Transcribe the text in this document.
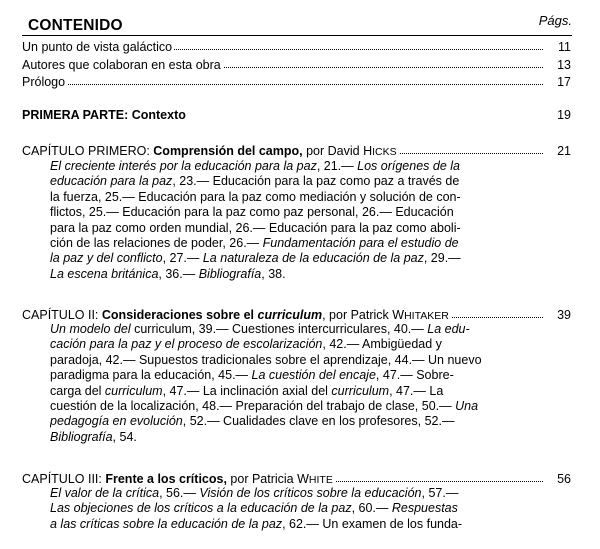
CONTENIDO	Págs.
Un punto de vista galáctico	11
Autores que colaboran en esta obra	13
Prólogo	17
PRIMERA PARTE: Contexto	19
CAPÍTULO PRIMERO: Comprensión del campo, por David HICKS	21

El creciente interés por la educación para la paz, 21.— Los orígenes de la

educación para la paz, 23.— Educación para la paz como paz a través de

la fuerza, 25.— Educación para la paz como mediación y solución de con-

flictos, 25.— Educación para la paz como paz personal, 26.— Educación

para la paz como orden mundial, 26.— Educación para la paz como aboli-

ción de las relaciones de poder, 26.— Fundamentación para el estudio de

la paz y del conflicto, 27.— La naturaleza de la educación de la paz, 29.—

La escena británica, 36.— Bibliografía, 38.

CAPÍTULO II: Consideraciones sobre el curriculum, por Patrick WHITAKER	39

Un modelo del curriculum, 39.— Cuestiones intercurriculares, 40.— La edu-

cación para la paz y el proceso de escolarización, 42.— Ambigüedad y

paradoja, 42.— Supuestos tradicionales sobre el aprendizaje, 44.— Un nuevo

paradigma para la educación, 45.— La cuestión del encaje, 47.— Sobre-

carga del curriculum, 47.— La inclinación axial del curriculum, 47.— La

cuestión de la localización, 48.— Preparación del trabajo de clase, 50.— Una

pedagogía en evolución, 52.— Cualidades clave en los profesores, 52.—

Bibliografía, 54.

CAPÍTULO III: Frente a los críticos, por Patricia WHITE	56

El valor de la crítica, 56.— Visión de los críticos sobre la educación, 57.—

Las objeciones de los críticos a la educación de la paz, 60.— Respuestas

a las críticas sobre la educación de la paz, 62.— Un examen de los funda-
